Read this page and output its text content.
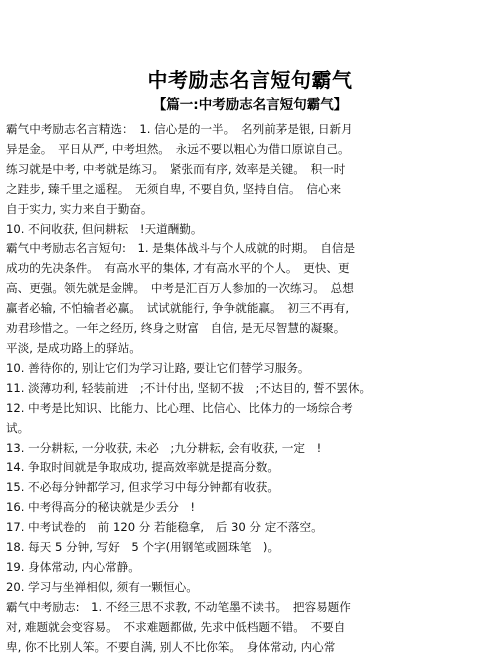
中考励志名言短句霸气
【篇一:中考励志名言短句霸气】
霸气中考励志名言精选：　1. 信心是的一半。　名列前茅是银, 日新月
异是金。　平日从严, 中考坦然。　永远不要以粗心为借口原谅自己。
练习就是中考, 中考就是练习。　紧张而有序, 效率是关键。　积一时
之跬步, 臻千里之遥程。　无须自卑, 不要自负, 坚持自信。　信心来
自于实力, 实力来自于勤奋。
10. 不问收获, 但问耕耘　!天道酬勤。
霸气中考励志名言短句:　1. 是集体战斗与个人成就的时期。　自信是
成功的先决条件。　有高水平的集体, 才有高水平的个人。　更快、更
高、更强。领先就是金牌。　中考是汇百万人参加的一次练习。　总想
赢者必输, 不怕输者必赢。　试试就能行, 争争就能赢。　初三不再有,
劝君珍惜之。一年之经历, 终身之财富　自信, 是无尽智慧的凝聚。
平淡, 是成功路上的驿站。
10. 善待你的, 别让它们为学习让路, 要让它们替学习服务。
11. 淡薄功利, 轻装前进　;不计付出, 坚韧不拔　;不达目的, 誓不罢休。
12. 中考是比知识、比能力、比心理、比信心、比体力的一场综合考
试。
13. 一分耕耘, 一分收获, 未必　;九分耕耘, 会有收获, 一定　!
14. 争取时间就是争取成功, 提高效率就是提高分数。
15. 不必每分钟都学习, 但求学习中每分钟都有收获。
16. 中考得高分的秘诀就是少丢分　!
17. 中考试卷的　前 120 分 若能稳拿,　后 30 分 定不落空。
18. 每天 5 分钟, 写好　5 个字(用钢笔或圆珠笔　)。
19. 身体常动, 内心常静。
20. 学习与坐禅相似, 须有一颗恒心。
霸气中考励志:　1. 不经三思不求教, 不动笔墨不读书。　把容易题作
对, 难题就会变容易。　不求难题都做, 先求中低档题不错。　不要自
卑, 你不比别人笨。不要自满, 别人不比你笨。　身体常动, 内心常
